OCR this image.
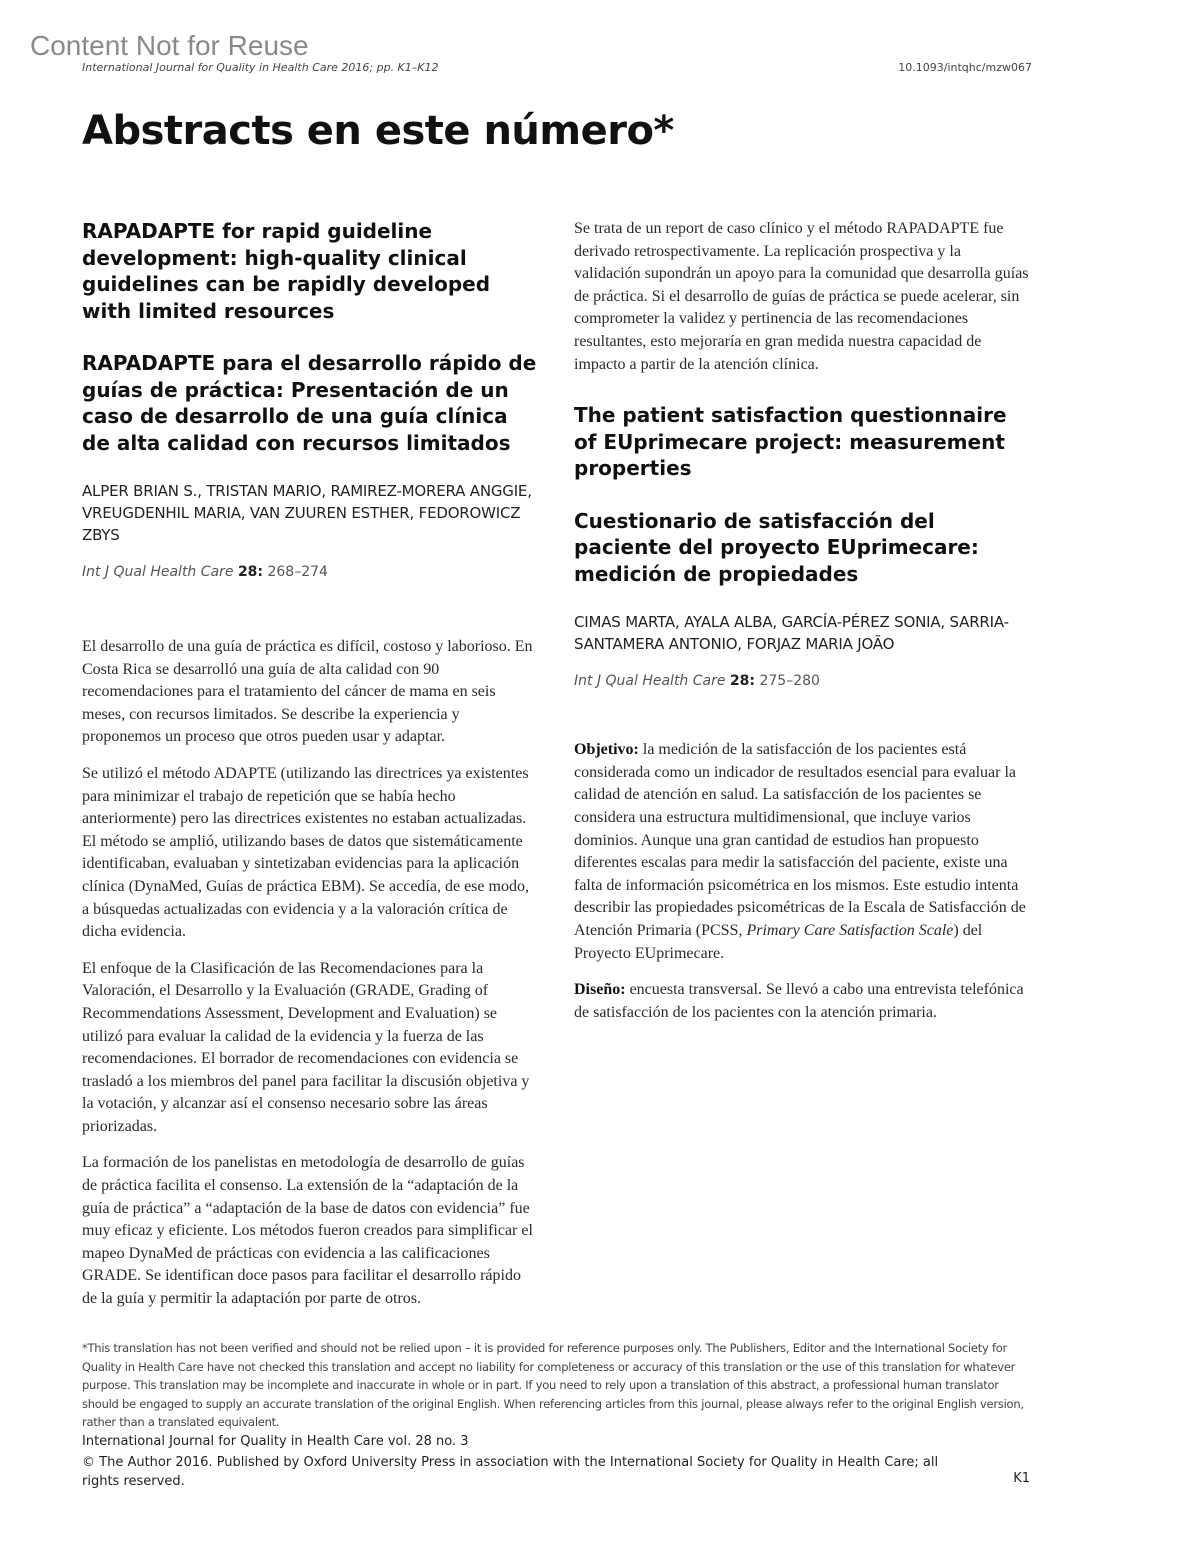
Content Not for Reuse
International Journal for Quality in Health Care 2016; pp. K1–K12	10.1093/intqhc/mzw067
Abstracts en este número*
RAPADAPTE for rapid guideline development: high-quality clinical guidelines can be rapidly developed with limited resources
RAPADAPTE para el desarrollo rápido de guías de práctica: Presentación de un caso de desarrollo de una guía clínica de alta calidad con recursos limitados

ALPER BRIAN S., TRISTAN MARIO, RAMIREZ-MORERA ANGGIE, VREUGDENHIL MARIA, VAN ZUUREN ESTHER, FEDOROWICZ ZBYS

Int J Qual Health Care 28: 268–274

El desarrollo de una guía de práctica es difícil, costoso y laborioso. En Costa Rica se desarrolló una guía de alta calidad con 90 recomendaciones para el tratamiento del cáncer de mama en seis meses, con recursos limitados. Se describe la experiencia y proponemos un proceso que otros pueden usar y adaptar.

Se utilizó el método ADAPTE (utilizando las directrices ya existentes para minimizar el trabajo de repetición que se había hecho anteriormente) pero las directrices existentes no estaban actualizadas. El método se amplió, utilizando bases de datos que sistemáticamente identificaban, evaluaban y sintetizaban evidencias para la aplicación clínica (DynaMed, Guías de práctica EBM). Se accedía, de ese modo, a búsquedas actualizadas con evidencia y a la valoración crítica de dicha evidencia.

El enfoque de la Clasificación de las Recomendaciones para la Valoración, el Desarrollo y la Evaluación (GRADE, Grading of Recommendations Assessment, Development and Evaluation) se utilizó para evaluar la calidad de la evidencia y la fuerza de las recomendaciones. El borrador de recomendaciones con evidencia se trasladó a los miembros del panel para facilitar la discusión objetiva y la votación, y alcanzar así el consenso necesario sobre las áreas priorizadas.

La formación de los panelistas en metodología de desarrollo de guías de práctica facilita el consenso. La extensión de la “adaptación de la guía de práctica” a “adaptación de la base de datos con evidencia” fue muy eficaz y eficiente. Los métodos fueron creados para simplificar el mapeo DynaMed de prácticas con evidencia a las calificaciones GRADE. Se identifican doce pasos para facilitar el desarrollo rápido de la guía y permitir la adaptación por parte de otros.

Se trata de un report de caso clínico y el método RAPADAPTE fue derivado retrospectivamente. La replicación prospectiva y la validación supondrán un apoyo para la comunidad que desarrolla guías de práctica. Si el desarrollo de guías de práctica se puede acelerar, sin comprometer la validez y pertinencia de las recomendaciones resultantes, esto mejoraría en gran medida nuestra capacidad de impacto a partir de la atención clínica.

The patient satisfaction questionnaire of EUprimecare project: measurement properties
Cuestionario de satisfacción del paciente del proyecto EUprimecare: medición de propiedades

CIMAS MARTA, AYALA ALBA, GARCÍA-PÉREZ SONIA, SARRIA-SANTAMERA ANTONIO, FORJAZ MARIA JOÃO

Int J Qual Health Care 28: 275–280

Objetivo: la medición de la satisfacción de los pacientes está considerada como un indicador de resultados esencial para evaluar la calidad de atención en salud. La satisfacción de los pacientes se considera una estructura multidimensional, que incluye varios dominios. Aunque una gran cantidad de estudios han propuesto diferentes escalas para medir la satisfacción del paciente, existe una falta de información psicométrica en los mismos. Este estudio intenta describir las propiedades psicométricas de la Escala de Satisfacción de Atención Primaria (PCSS, Primary Care Satisfaction Scale) del Proyecto EUprimecare.

Diseño: encuesta transversal. Se llevó a cabo una entrevista telefónica de satisfacción de los pacientes con la atención primaria.

*This translation has not been verified and should not be relied upon – it is provided for reference purposes only. The Publishers, Editor and the International Society for Quality in Health Care have not checked this translation and accept no liability for completeness or accuracy of this translation or the use of this translation for whatever purpose. This translation may be incomplete and inaccurate in whole or in part. If you need to rely upon a translation of this abstract, a professional human translator should be engaged to supply an accurate translation of the original English. When referencing articles from this journal, please always refer to the original English version, rather than a translated equivalent.

International Journal for Quality in Health Care vol. 28 no. 3

© The Author 2016. Published by Oxford University Press in association with the International Society for Quality in Health Care; all rights reserved.	K1
